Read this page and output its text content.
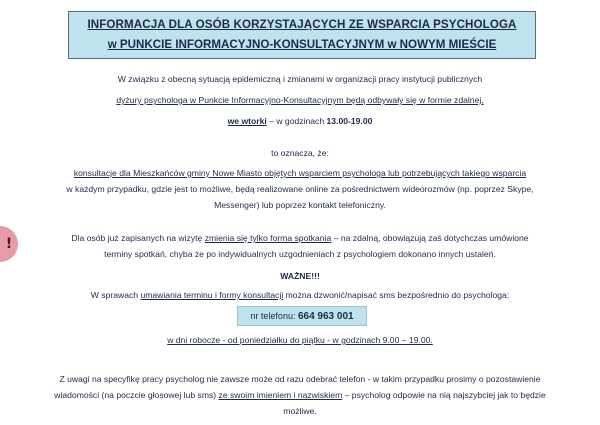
INFORMACJA DLA OSÓB KORZYSTAJĄCYCH ZE WSPARCIA PSYCHOLOGA
w PUNKCIE INFORMACYJNO-KONSULTACYJNYM w NOWYM MIEŚCIE
W związku z obecną sytuacją epidemiczną i zmianami w organizacji pracy instytucji publicznych
dyżury psychologa w Punkcie Informacyjno-Konsultacyjnym będą odbywały się w formie zdalnej,
we wtorki – w godzinach 13.00-19.00
to oznacza, że:
konsultacje dla Mieszkańców gminy Nowe Miasto objętych wsparciem psychologa lub potrzebujących takiego wsparcia
w każdym przypadku, gdzie jest to możliwe, będą realizowane online za pośrednictwem wideorozmów (np. poprzez Skype,
Messenger) lub poprzez kontakt telefoniczny.
!	Dla osób już zapisanych na wizytę zmienia się tylko forma spotkania – na zdalną, obowiązują zaś dotychczas umówione
terminy spotkań, chyba że po indywidualnych uzgodnieniach z psychologiem dokonano innych ustaleń.
WAŻNE!!!
W sprawach umawiania terminu i formy konsultacji można dzwonić/napisać sms bezpośrednio do psychologa:
nr telefonu: 664 963 001
w dni robocze - od poniedziałku do piątku - w godzinach 9.00 – 19.00.
Z uwagi na specyfikę pracy psycholog nie zawsze może od razu odebrać telefon - w takim przypadku prosimy o pozostawienie
wiadomości (na poczcie głosowej lub sms) ze swoim imieniem i nazwiskiem – psycholog odpowie na nią najszybciej jak to będzie
możliwe.
